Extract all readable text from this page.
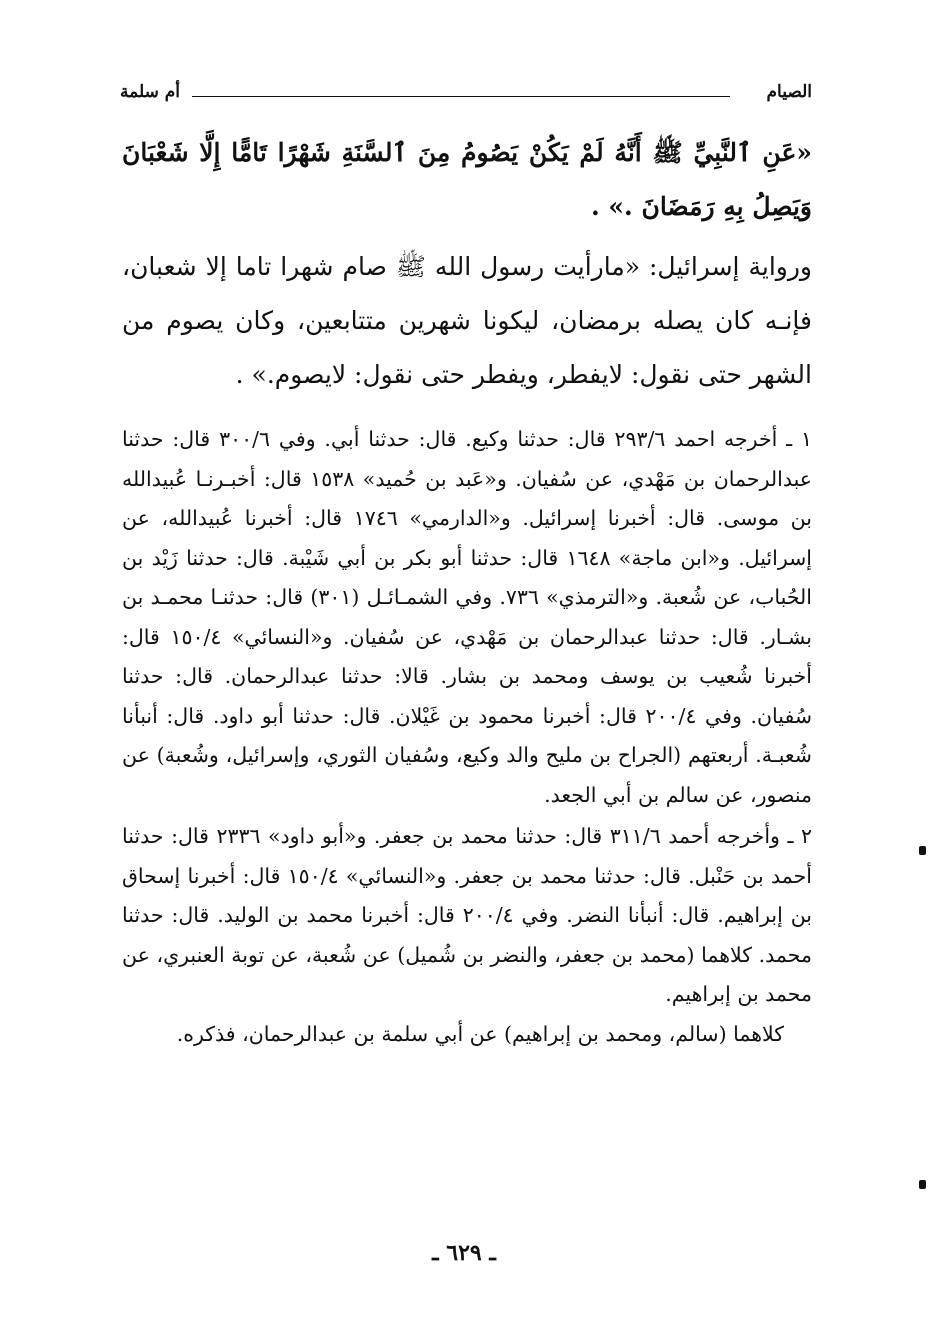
الصيام
أم سلمة

«عَنِ ٱلنَّبِيِّ ﷺ أَنَّهُ لَمْ يَكُنْ يَصُومُ مِنَ ٱلسَّنَةِ شَهْرًا تَامًّا إِلَّا شَعْبَانَ وَيَصِلُ بِهِ رَمَضَانَ .» .

ورواية إسرائيل: «مارأيت رسول الله ﷺ صام شهرا تاما إلا شعبان، فإنـه كان يصله برمضان، ليكونا شهرين متتابعين، وكان يصوم من الشهر حتى نقول: لايفطر، ويفطر حتى نقول: لايصوم.» .

١ ـ أخرجه احمد ٢٩٣/٦ قال: حدثنا وكيع. قال: حدثنا أبي. وفي ٣٠٠/٦ قال: حدثنا عبدالرحمان بن مَهْدي، عن سُفيان. و«عَبد بن حُميد» ١٥٣٨ قال: أخبـرنـا عُبيدالله بن موسى. قال: أخبرنا إسرائيل. و«الدارمي» ١٧٤٦ قال: أخبرنا عُبيدالله، عن إسرائيل. و«ابن ماجة» ١٦٤٨ قال: حدثنا أبو بكر بن أبي شَيْبة. قال: حدثنا زَيْد بن الحُباب، عن شُعبة. و«الترمذي» ٧٣٦. وفي الشمـائـل (٣٠١) قال: حدثنـا محمـد بن بشـار. قال: حدثنا عبدالرحمان بن مَهْدي، عن سُفيان. و«النسائي» ١٥٠/٤ قال: أخبرنا شُعيب بن يوسف ومحمد بن بشار. قالا: حدثنا عبدالرحمان. قال: حدثنا سُفيان. وفي ٢٠٠/٤ قال: أخبرنا محمود بن غَيْلان. قال: حدثنا أبو داود. قال: أنبأنا شُعبـة. أربعتهم (الجراح بن مليح والد وكيع، وسُفيان الثوري، وإسرائيل، وشُعبة) عن منصور، عن سالم بن أبي الجعد.

٢ ـ وأخرجه أحمد ٣١١/٦ قال: حدثنا محمد بن جعفر. و«أبو داود» ٢٣٣٦ قال: حدثنا أحمد بن حَنْبل. قال: حدثنا محمد بن جعفر. و«النسائي» ١٥٠/٤ قال: أخبرنا إسحاق بن إبراهيم. قال: أنبأنا النضر. وفي ٢٠٠/٤ قال: أخبرنا محمد بن الوليد. قال: حدثنا محمد. كلاهما (محمد بن جعفر، والنضر بن شُميل) عن شُعبة، عن توبة العنبري، عن محمد بن إبراهيم.

كلاهما (سالم، ومحمد بن إبراهيم) عن أبي سلمة بن عبدالرحمان، فذكره.

ـ ٦٢٩ ـ
